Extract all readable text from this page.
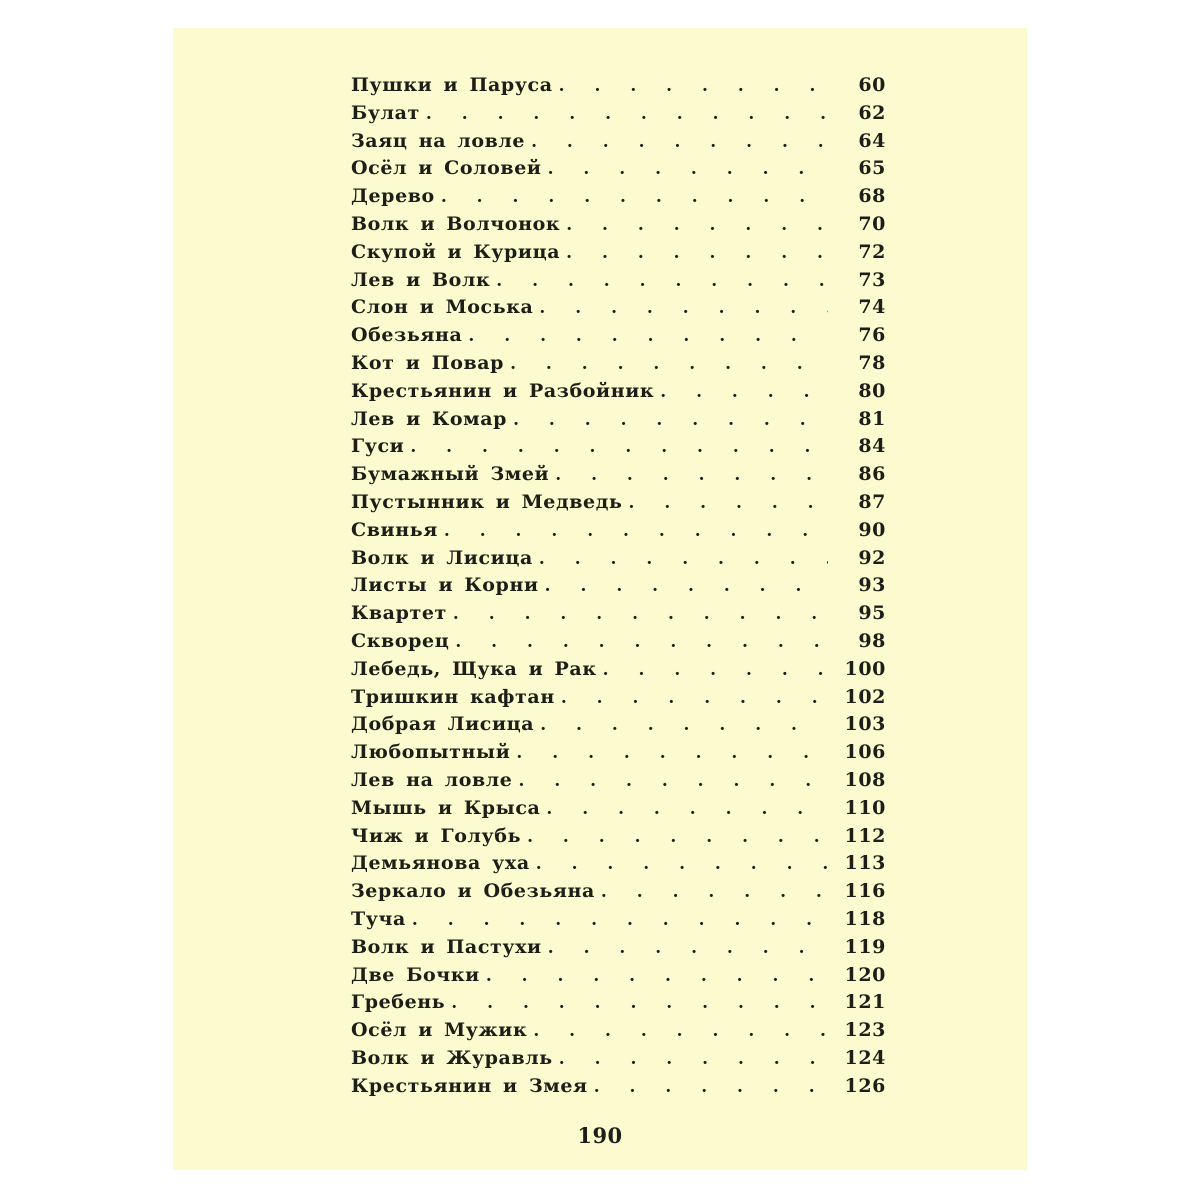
Пушки и Паруса . . .	60
Булат . . .	62
Заяц на ловле . . .	64
Осёл и Соловей . . .	65
Дерево . . .	68
Волк и Волчонок . . .	70
Скупой и Курица . . .	72
Лев и Волк . . .	73
Слон и Моська . . .	74
Обезьяна . . .	76
Кот и Повар . . .	78
Крестьянин и Разбойник . . .	80
Лев и Комар . . .	81
Гуси . . .	84
Бумажный Змей . . .	86
Пустынник и Медведь . . .	87
Свинья . . .	90
Волк и Лисица . . .	92
Листы и Корни . . .	93
Квартет . . .	95
Скворец . . .	98
Лебедь, Щука и Рак . . .	100
Тришкин кафтан . . .	102
Добрая Лисица . . .	103
Любопытный . . .	106
Лев на ловле . . .	108
Мышь и Крыса . . .	110
Чиж и Голубь . . .	112
Демьянова уха . . .	113
Зеркало и Обезьяна . . .	116
Туча . . .	118
Волк и Пастухи . . .	119
Две Бочки . . .	120
Гребень . . .	121
Осёл и Мужик . . .	123
Волк и Журавль . . .	124
Крестьянин и Змея . . .	126
190
